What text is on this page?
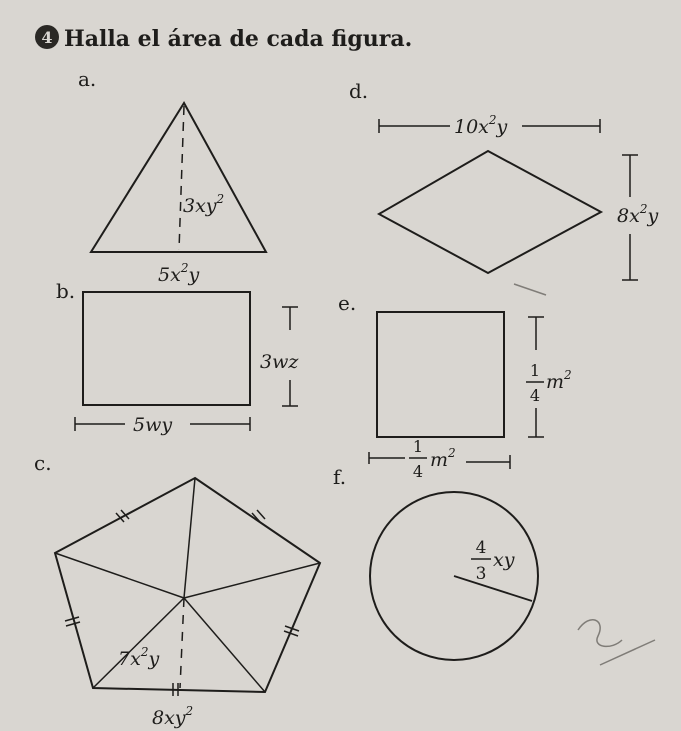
4 Halla el área de cada figura.
a.
$3xy^2$
$5x^2y$
b.
3wz
5wy
c.
$7x^2y$
$8xy^2$
d.
$10x^2y$
$8x^2y$
e.
1
4
$m^2$
1
4
$m^2$
f.
4
3
xy
